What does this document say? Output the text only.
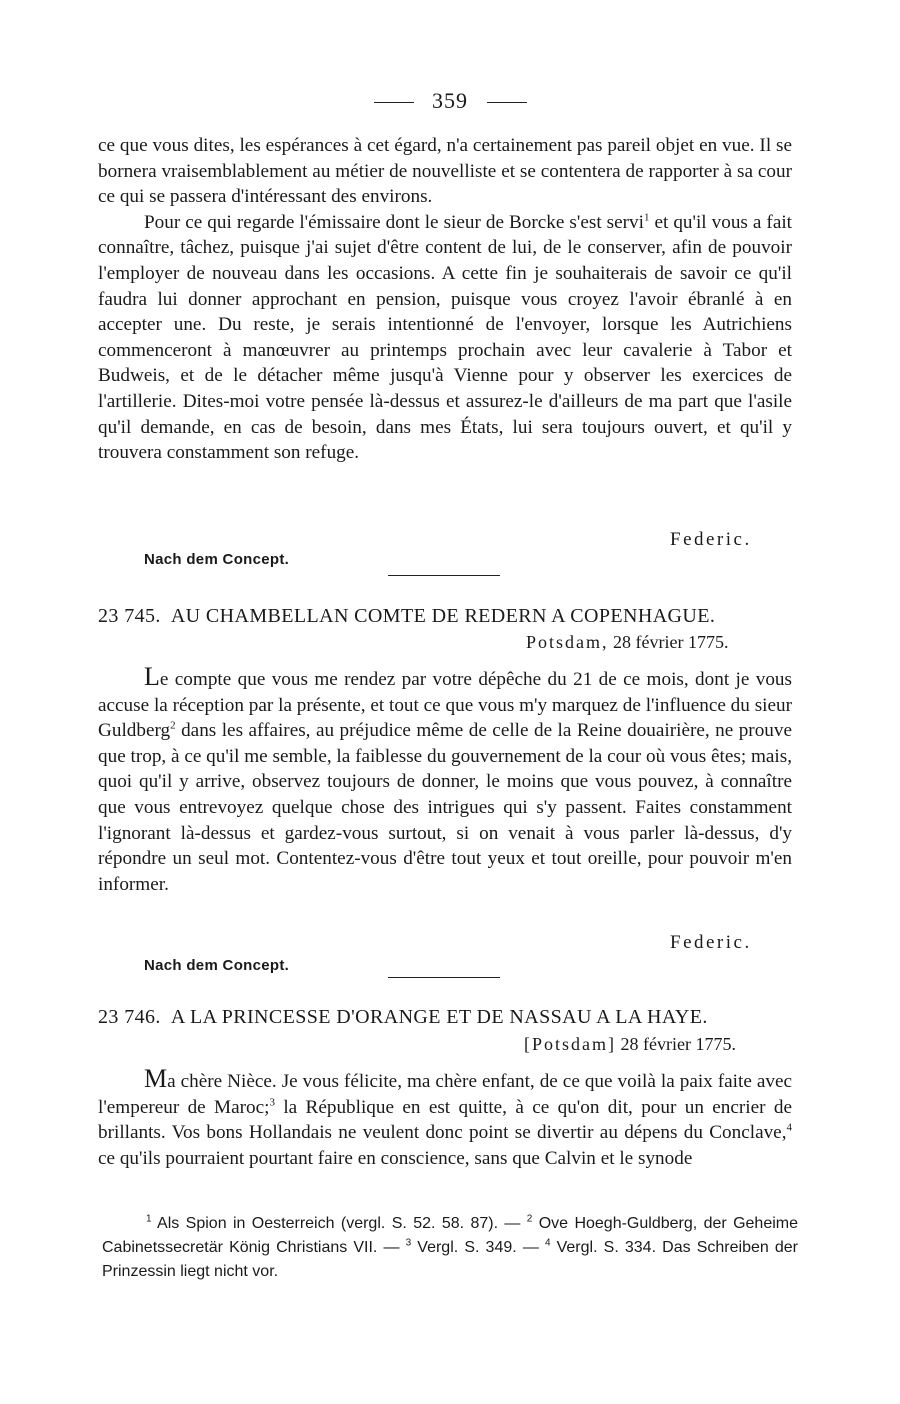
359

ce que vous dites, les espérances à cet égard, n'a certainement pas pareil objet en vue. Il se bornera vraisemblablement au métier de nouvelliste et se contentera de rapporter à sa cour ce qui se passera d'intéressant des environs.

Pour ce qui regarde l'émissaire dont le sieur de Borcke s'est servi$^1$ et qu'il vous a fait connaître, tâchez, puisque j'ai sujet d'être content de lui, de le conserver, afin de pouvoir l'employer de nouveau dans les occasions. A cette fin je souhaiterais de savoir ce qu'il faudra lui donner approchant en pension, puisque vous croyez l'avoir ébranlé à en accepter une. Du reste, je serais intentionné de l'envoyer, lorsque les Autrichiens commenceront à manœuvrer au printemps prochain avec leur cavalerie à Tabor et Budweis, et de le détacher même jusqu'à Vienne pour y observer les exercices de l'artillerie. Dites-moi votre pensée là-dessus et assurez-le d'ailleurs de ma part que l'asile qu'il demande, en cas de besoin, dans mes États, lui sera toujours ouvert, et qu'il y trouvera constamment son refuge.

Federic.
Nach dem Concept.
23 745. AU CHAMBELLAN COMTE DE REDERN A COPENHAGUE.
Potsdam, 28 février 1775.

Le compte que vous me rendez par votre dépêche du 21 de ce mois, dont je vous accuse la réception par la présente, et tout ce que vous m'y marquez de l'influence du sieur Guldberg$^2$ dans les affaires, au préjudice même de celle de la Reine douairière, ne prouve que trop, à ce qu'il me semble, la faiblesse du gouvernement de la cour où vous êtes; mais, quoi qu'il y arrive, observez toujours de donner, le moins que vous pouvez, à connaître que vous entrevoyez quelque chose des intrigues qui s'y passent. Faites constamment l'ignorant là-dessus et gardez-vous surtout, si on venait à vous parler là-dessus, d'y répondre un seul mot. Contentez-vous d'être tout yeux et tout oreille, pour pouvoir m'en informer.

Federic.
Nach dem Concept.
23 746. A LA PRINCESSE D'ORANGE ET DE NASSAU A LA HAYE.
[Potsdam] 28 février 1775.

Ma chère Nièce. Je vous félicite, ma chère enfant, de ce que voilà la paix faite avec l'empereur de Maroc;$^3$ la République en est quitte, à ce qu'on dit, pour un encrier de brillants. Vos bons Hollandais ne veulent donc point se divertir au dépens du Conclave,$^4$ ce qu'ils pourraient pourtant faire en conscience, sans que Calvin et le synode

$^1$ Als Spion in Oesterreich (vergl. S. 52. 58. 87). — $^2$ Ove Hoegh-Guldberg, der Geheime Cabinetssecretär König Christians VII. — $^3$ Vergl. S. 349. — $^4$ Vergl. S. 334. Das Schreiben der Prinzessin liegt nicht vor.
